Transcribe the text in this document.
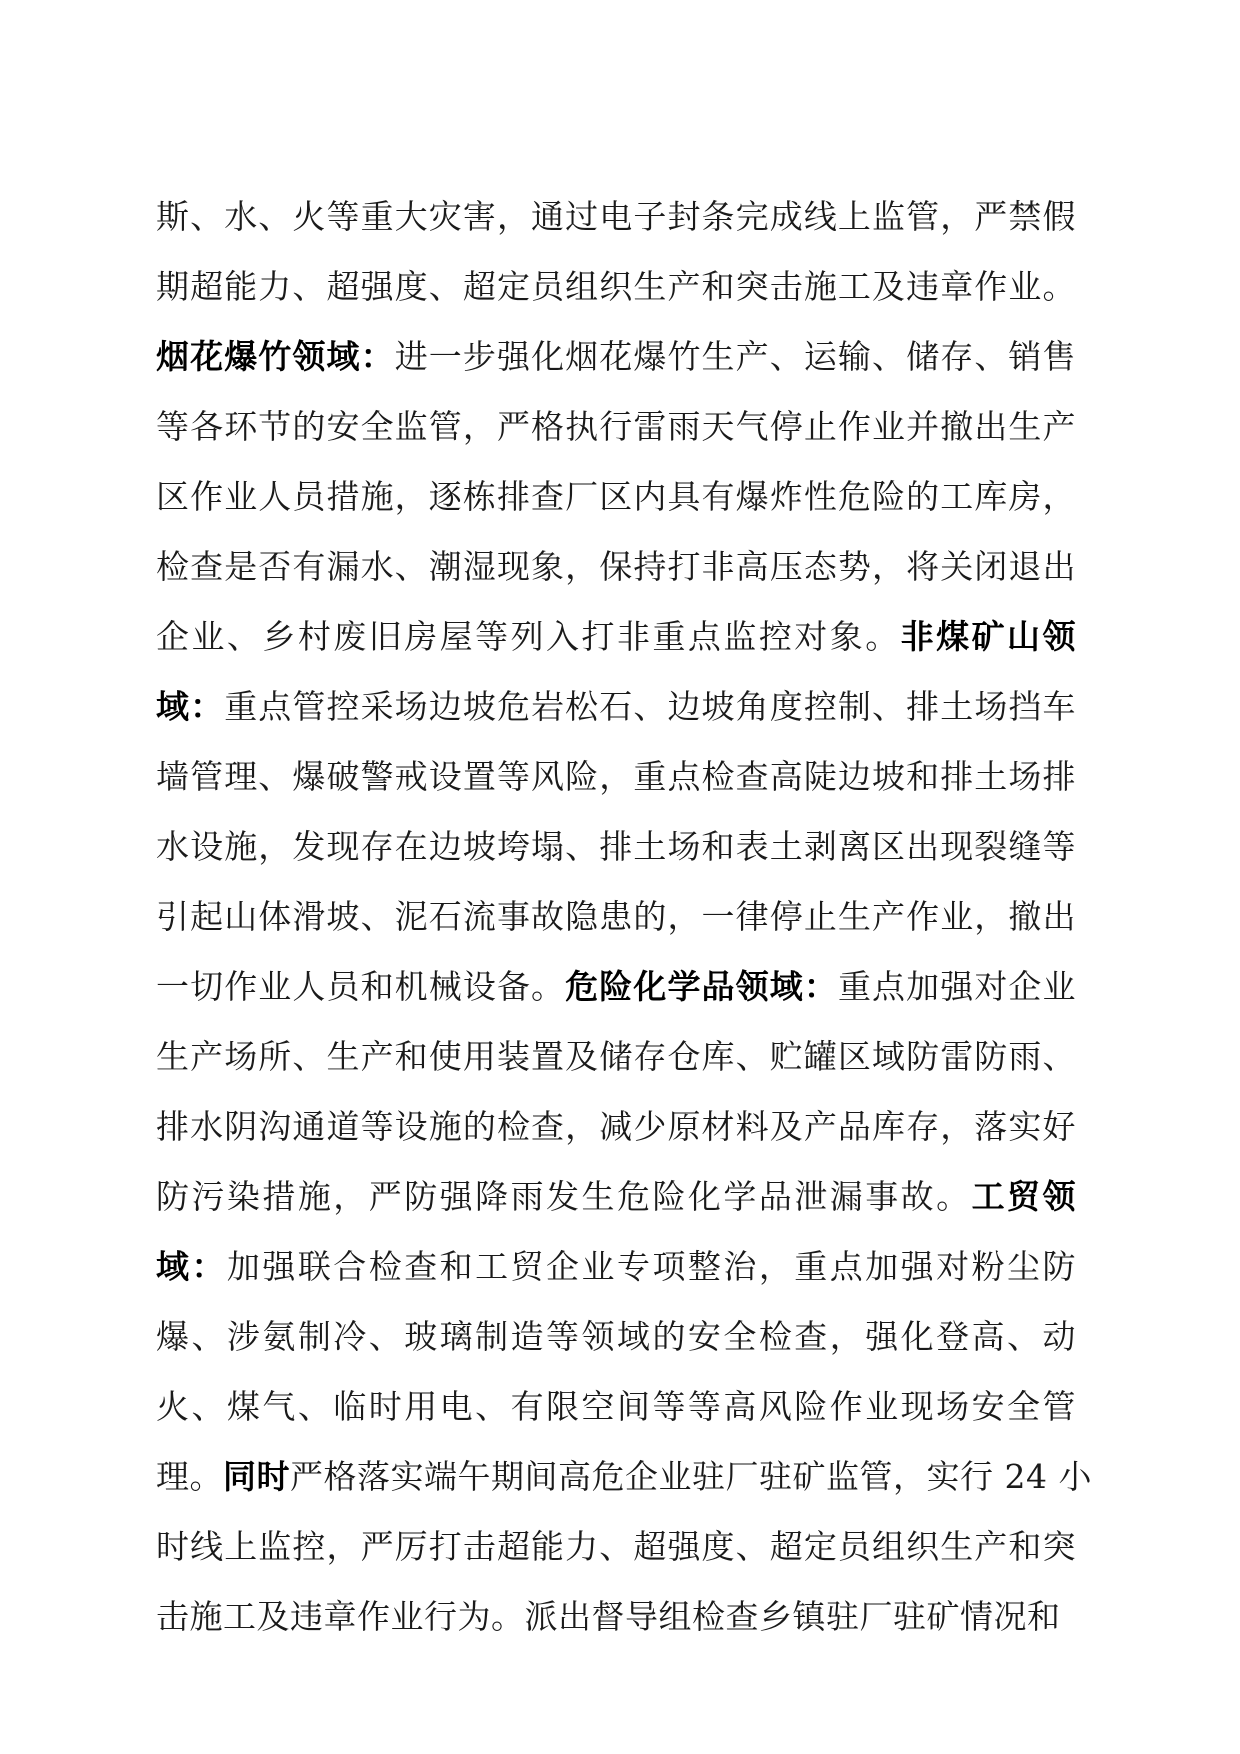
斯、水、火等重大灾害，通过电子封条完成线上监管，严禁假
期超能力、超强度、超定员组织生产和突击施工及违章作业。
烟花爆竹领域：进一步强化烟花爆竹生产、运输、储存、销售
等各环节的安全监管，严格执行雷雨天气停止作业并撤出生产
区作业人员措施，逐栋排查厂区内具有爆炸性危险的工库房，
检查是否有漏水、潮湿现象，保持打非高压态势，将关闭退出
企业、乡村废旧房屋等列入打非重点监控对象。非煤矿山领
域：重点管控采场边坡危岩松石、边坡角度控制、排土场挡车
墙管理、爆破警戒设置等风险，重点检查高陡边坡和排土场排
水设施，发现存在边坡垮塌、排土场和表土剥离区出现裂缝等
引起山体滑坡、泥石流事故隐患的，一律停止生产作业，撤出
一切作业人员和机械设备。危险化学品领域：重点加强对企业
生产场所、生产和使用装置及储存仓库、贮罐区域防雷防雨、
排水阴沟通道等设施的检查，减少原材料及产品库存，落实好
防污染措施，严防强降雨发生危险化学品泄漏事故。工贸领
域：加强联合检查和工贸企业专项整治，重点加强对粉尘防
爆、涉氨制冷、玻璃制造等领域的安全检查，强化登高、动
火、煤气、临时用电、有限空间等等高风险作业现场安全管
理。同时严格落实端午期间高危企业驻厂驻矿监管，实行 24 小
时线上监控，严厉打击超能力、超强度、超定员组织生产和突
击施工及违章作业行为。派出督导组检查乡镇驻厂驻矿情况和
